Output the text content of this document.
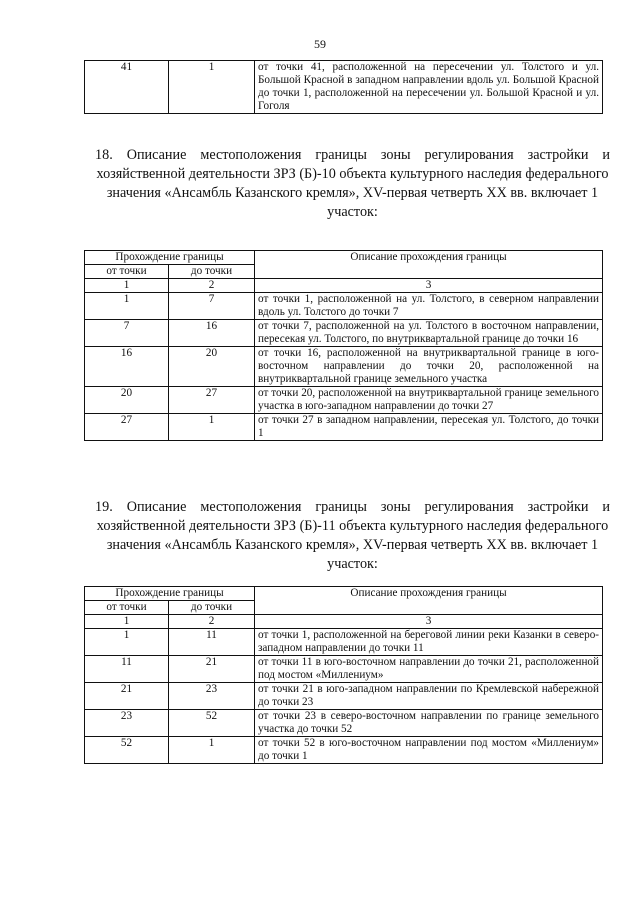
59
41	1	от точки 41, расположенной на пересечении ул. Толстого и ул. Большой Красной в западном направлении вдоль ул. Большой Красной до точки 1, расположенной на пересечении ул. Большой Красной и ул. Гоголя
18. Описание местоположения границы зоны регулирования застройки и
хозяйственной деятельности ЗРЗ (Б)-10 объекта культурного наследия федерального значения «Ансамбль Казанского кремля», XV-первая четверть XX вв. включает 1 участок:
Прохождение границы		Описание прохождения границы
от точки	до точки	
1	2	3
1	7	от точки 1, расположенной на ул. Толстого, в северном направлении вдоль ул. Толстого до точки 7
7	16	от точки 7, расположенной на ул. Толстого в восточном направлении, пересекая ул. Толстого, по внутриквартальной границе до точки 16
16	20	от точки 16, расположенной на внутриквартальной границе в юго-восточном направлении до точки 20, расположенной на внутриквартальной границе земельного участка
20	27	от точки 20, расположенной на внутриквартальной границе земельного участка в юго-западном направлении до точки 27
27	1	от точки 27 в западном направлении, пересекая ул. Толстого, до точки 1
19. Описание местоположения границы зоны регулирования застройки и
хозяйственной деятельности ЗРЗ (Б)-11 объекта культурного наследия федерального значения «Ансамбль Казанского кремля», XV-первая четверть XX вв. включает 1 участок:
Прохождение границы		Описание прохождения границы
от точки	до точки	
1	2	3
1	11	от точки 1, расположенной на береговой линии реки Казанки в северо-западном направлении до точки 11
11	21	от точки 11 в юго-восточном направлении до точки 21, расположенной под мостом «Миллениум»
21	23	от точки 21 в юго-западном направлении по Кремлевской набережной до точки 23
23	52	от точки 23 в северо-восточном направлении по границе земельного участка до точки 52
52	1	от точки 52 в юго-восточном направлении под мостом «Миллениум» до точки 1
